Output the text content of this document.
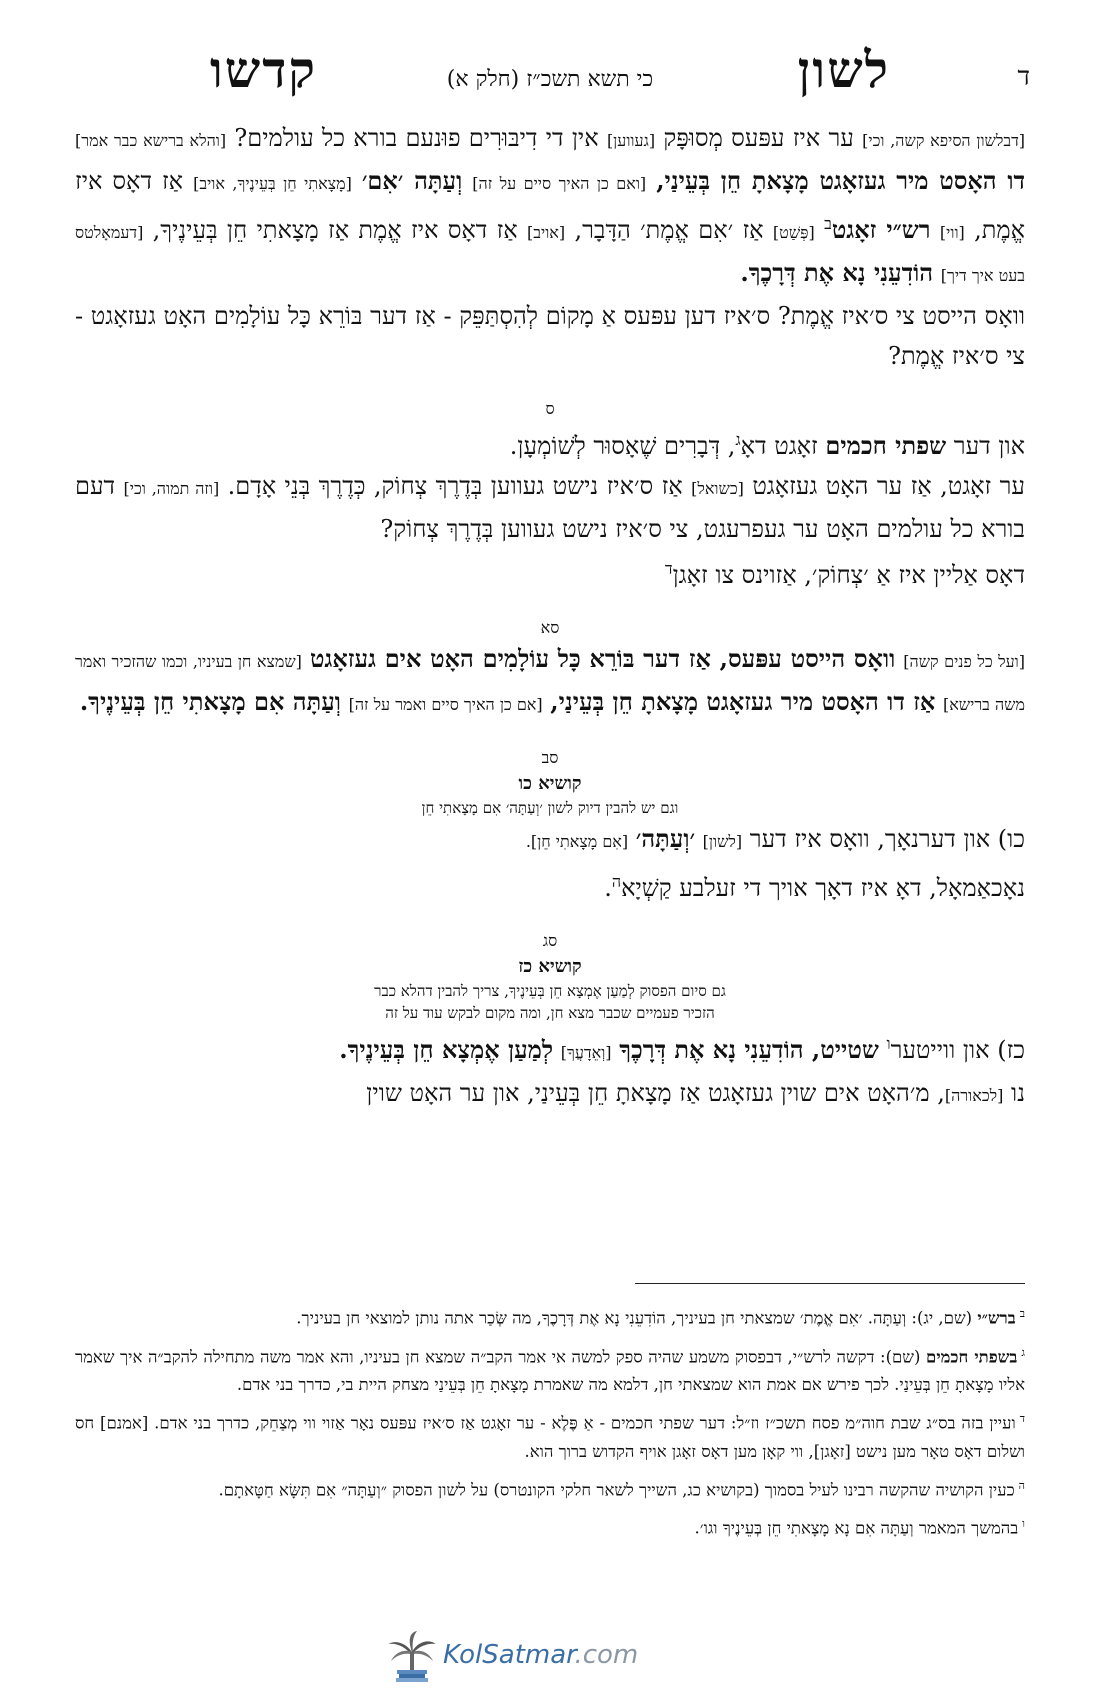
ד
לשון
כי תשא תשכ״ז (חלק א)
קדשו

[דבלשון הסיפא קשה, וכי] ער איז עפּעס מְסוּפָּק [געווען] אין די דִיבּוּרִים פוּנעם בורא כל עולמים? [והלא ברישא כבר אמר] דו האָסט מיר געזאָגט מָצָאתָ חֵן בְּעֵינַי, [ואם כן האיך סיים על זה] וְעַתָּה ׳אִם׳ [מָצָאתִי חֵן בְּעֵינֶיךָ, אויב] אַז דאָס איז אֱמֶת, [ווי] רש״י זאָגט$^ב$ [פְּשַׁט] אַז ׳אִם אֱמֶת׳ הַדָּבָר, [אויב] אַז דאָס איז אֱמֶת אַז מָצָאתִי חֵן בְּעֵינֶיךָ, [דעמאָלטס בעט איך דיך] הוֹדִעֵנִי נָא אֶת דְּרָכֶךָ.

וואָס הייסט צי ס׳איז אֱמֶת? ס׳איז דען עפּעס אַ מָקוֹם לְהִסְתַּפֵּק - אַז דער בּוֹרֵא כָּל עוֹלָמִים האָט געזאָגט - צי ס׳איז אֱמֶת?

ס

און דער שפתי חכמים זאָגט דאָ$^ג$, דְּבָרִים שֶׁאָסוּר לְשׁוֹמְעָן.

ער זאָגט, אַז ער האָט געזאָגט [כשואל] אַז ס׳איז נישט געווען בְּדֶרֶךְ צְחוֹק, כְּדֶרֶךְ בְּנֵי אָדָם. [וזה תמוה, וכי] דעם בורא כל עולמים האָט ער געפרעגט, צי ס׳איז נישט געווען בְּדֶרֶךְ צְחוֹק?

דאָס אַליין איז אַ ׳צְחוֹק׳, אַזוינס צו זאָגן$^ד$

סא

[ועל כל פנים קשה] וואָס הייסט עפּעס, אַז דער בּוֹרֵא כָּל עוֹלָמִים האָט אים געזאָגט [שמצא חן בעיניו, וכמו שהזכיר ואמר משה ברישא] אַז דו האָסט מיר געזאָגט מָצָאתָ חֵן בְּעֵינַי, [אם כן האיך סיים ואמר על זה] וְעַתָּה אִם מָצָאתִי חֵן בְּעֵינֶיךָ.

סב

קושיא כו

וגם יש להבין דיוק לשון ׳וְעַתָּה׳ אִם מָצָאתִי חֵן

כו) און דערנאָך, וואָס איז דער [לשון] ׳וְעַתָּה׳ [אִם מָצָאתִי חֵן].
נאָכאַמאָל, דאָ איז דאָך אויך די זעלבע קַשְׁיָא$^ה$.

סג

קושיא כז

גם סיום הפסוק לְמַעַן אֶמְצָא חֵן בְּעֵינֶיךָ, צריך להבין דהלא כבר

הזכיר פעמיים שכבר מצא חן, ומה מקום לבקש עוד על זה

כז) און ווייטער$^ו$ שטייט, הוֹדִעֵנִי נָא אֶת דְּרָכֶךָ [וְאֵדָעֲךָ] לְמַעַן אֶמְצָא חֵן בְּעֵינֶיךָ.
נו [לכאורה], מ׳האָט אים שוין געזאָגט אַז מָצָאתָ חֵן בְּעֵינַי, און ער האָט שוין

$^ב$ברש״י (שם, יג): וְעַתָּה. ׳אִם אֱמֶת׳ שמצאתי חן בעיניך, הוֹדִעֵנִי נָא אֶת דְּרָכֶךָ, מה שְּׂכַר אתה נותן למוצאי חן בעיניך.

$^ג$בשפתי חכמים (שם): דקשה לרש״י, דבפסוק משמע שהיה ספק למשה אי אמר הקב״ה שמצא חן בעיניו, והא אמר משה מתחילה להקב״ה איך שאמר אליו מָצָאתָ חֵן בְּעֵינַי. לכך פירש אם אמת הוא שמצאתי חן, דלמא מה שאמרת מָצָאתָ חֵן בְּעֵינַי מצחק היית בי, כדרך בני אדם.

$^ד$ועיין בזה בס״ג שבת חוה״מ פסח תשכ״ז וז״ל: דער שפתי חכמים - אַ פֶּלֶא - ער זאָגט אַז ס׳איז עפּעס נאָר אַזוי ווי מְצַחֵק, כדרך בני אדם. [אמנם] חס ושלום דאָס טאָר מען נישט [זאָגן], ווי קאָן מען דאָס זאָגן אויף הקדוש ברוך הוא.

$^ה$כעין הקושיה שהקשה רבינו לעיל בסמוך (בקושיא כג, השייך לשאר חלקי הקונטרס) על לשון הפסוק ״וְעַתָּה״ אִם תִּשָּׂא חַטָּאתָם.

$^ו$בהמשך המאמר וְעַתָּה אִם נָא מָצָאתִי חֵן בְּעֵינֶיךָ וגו׳.

KolSatmar.com
